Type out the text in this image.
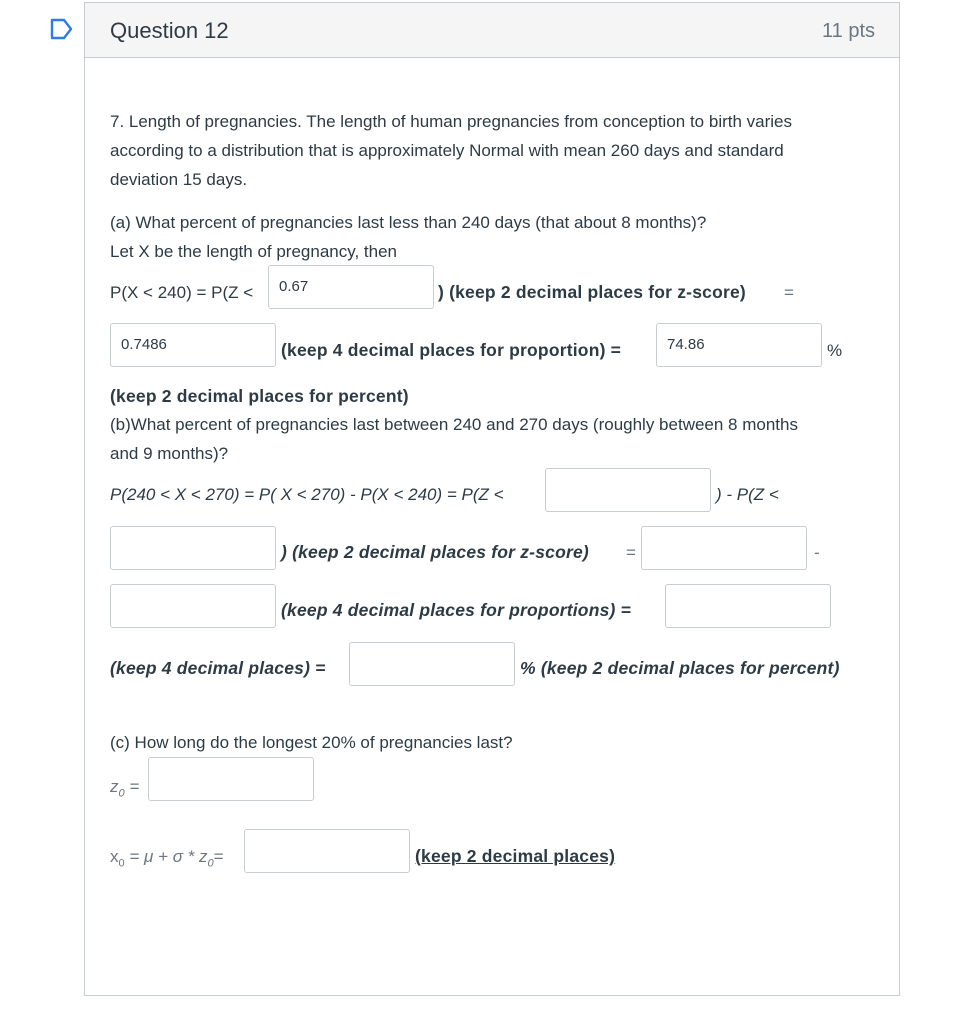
Question 12	11 pts
7. Length of pregnancies. The length of human pregnancies from conception to birth varies
according to a distribution that is approximately Normal with mean 260 days and standard
deviation 15 days.
(a) What percent of pregnancies last less than 240 days (that about 8 months)?
Let X be the length of pregnancy, then
P(X < 240) = P(Z <	0.67	) (keep 2 decimal places for z-score) =
0.7486	(keep 4 decimal places for proportion) =	74.86	%
(keep 2 decimal places for percent)
(b)What percent of pregnancies last between 240 and 270 days (roughly between 8 months
and 9 months)?
P(240 < X < 270) = P( X < 270) - P(X < 240) = P(Z <	) - P(Z <
) (keep 2 decimal places for z-score) =	-
(keep 4 decimal places for proportions) =
(keep 4 decimal places) =	% (keep 2 decimal places for percent)
(c) How long do the longest 20% of pregnancies last?
$z_0$ =
$x_0 = \mu + \sigma * z_0=$	(keep 2 decimal places)
